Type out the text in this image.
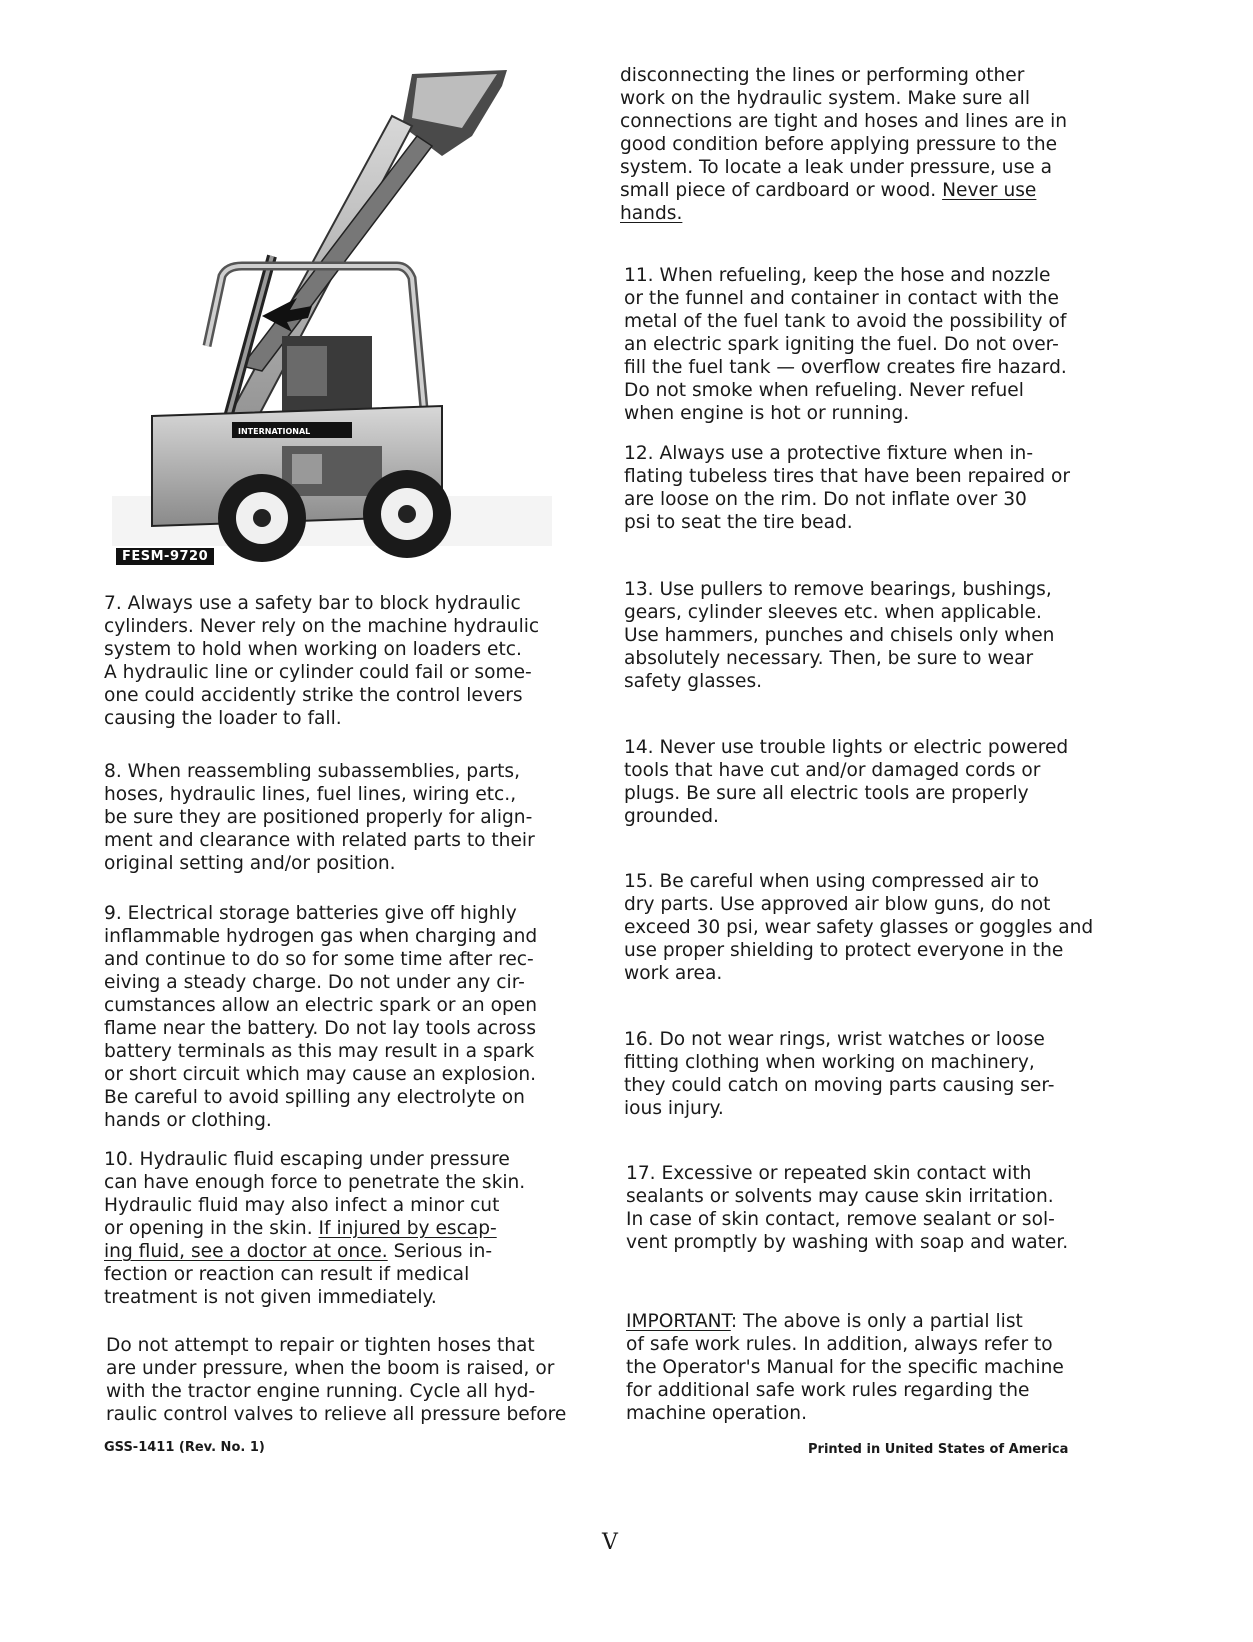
INTERNATIONAL
FESM-9720
7. Always use a safety bar to block hydraulic
cylinders. Never rely on the machine hydraulic
system to hold when working on loaders etc.
A hydraulic line or cylinder could fail or some-
one could accidently strike the control levers
causing the loader to fall.
8. When reassembling subassemblies, parts,
hoses, hydraulic lines, fuel lines, wiring etc.,
be sure they are positioned properly for align-
ment and clearance with related parts to their
original setting and/or position.
9. Electrical storage batteries give off highly
inflammable hydrogen gas when charging and
and continue to do so for some time after rec-
eiving a steady charge. Do not under any cir-
cumstances allow an electric spark or an open
flame near the battery. Do not lay tools across
battery terminals as this may result in a spark
or short circuit which may cause an explosion.
Be careful to avoid spilling any electrolyte on
hands or clothing.
10. Hydraulic fluid escaping under pressure
can have enough force to penetrate the skin.
Hydraulic fluid may also infect a minor cut
or opening in the skin. If injured by escap-
ing fluid, see a doctor at once. Serious in-
fection or reaction can result if medical
treatment is not given immediately.
Do not attempt to repair or tighten hoses that
are under pressure, when the boom is raised, or
with the tractor engine running. Cycle all hyd-
raulic control valves to relieve all pressure before
disconnecting the lines or performing other
work on the hydraulic system. Make sure all
connections are tight and hoses and lines are in
good condition before applying pressure to the
system. To locate a leak under pressure, use a
small piece of cardboard or wood. Never use
hands.
11. When refueling, keep the hose and nozzle
or the funnel and container in contact with the
metal of the fuel tank to avoid the possibility of
an electric spark igniting the fuel. Do not over-
fill the fuel tank — overflow creates fire hazard.
Do not smoke when refueling. Never refuel
when engine is hot or running.
12. Always use a protective fixture when in-
flating tubeless tires that have been repaired or
are loose on the rim. Do not inflate over 30
psi to seat the tire bead.
13. Use pullers to remove bearings, bushings,
gears, cylinder sleeves etc. when applicable.
Use hammers, punches and chisels only when
absolutely necessary. Then, be sure to wear
safety glasses.
14. Never use trouble lights or electric powered
tools that have cut and/or damaged cords or
plugs. Be sure all electric tools are properly
grounded.
15. Be careful when using compressed air to
dry parts. Use approved air blow guns, do not
exceed 30 psi, wear safety glasses or goggles and
use proper shielding to protect everyone in the
work area.
16. Do not wear rings, wrist watches or loose
fitting clothing when working on machinery,
they could catch on moving parts causing ser-
ious injury.
17. Excessive or repeated skin contact with
sealants or solvents may cause skin irritation.
In case of skin contact, remove sealant or sol-
vent promptly by washing with soap and water.
IMPORTANT: The above is only a partial list
of safe work rules. In addition, always refer to
the Operator's Manual for the specific machine
for additional safe work rules regarding the
machine operation.
GSS-1411 (Rev. No. 1)	Printed in United States of America
V
